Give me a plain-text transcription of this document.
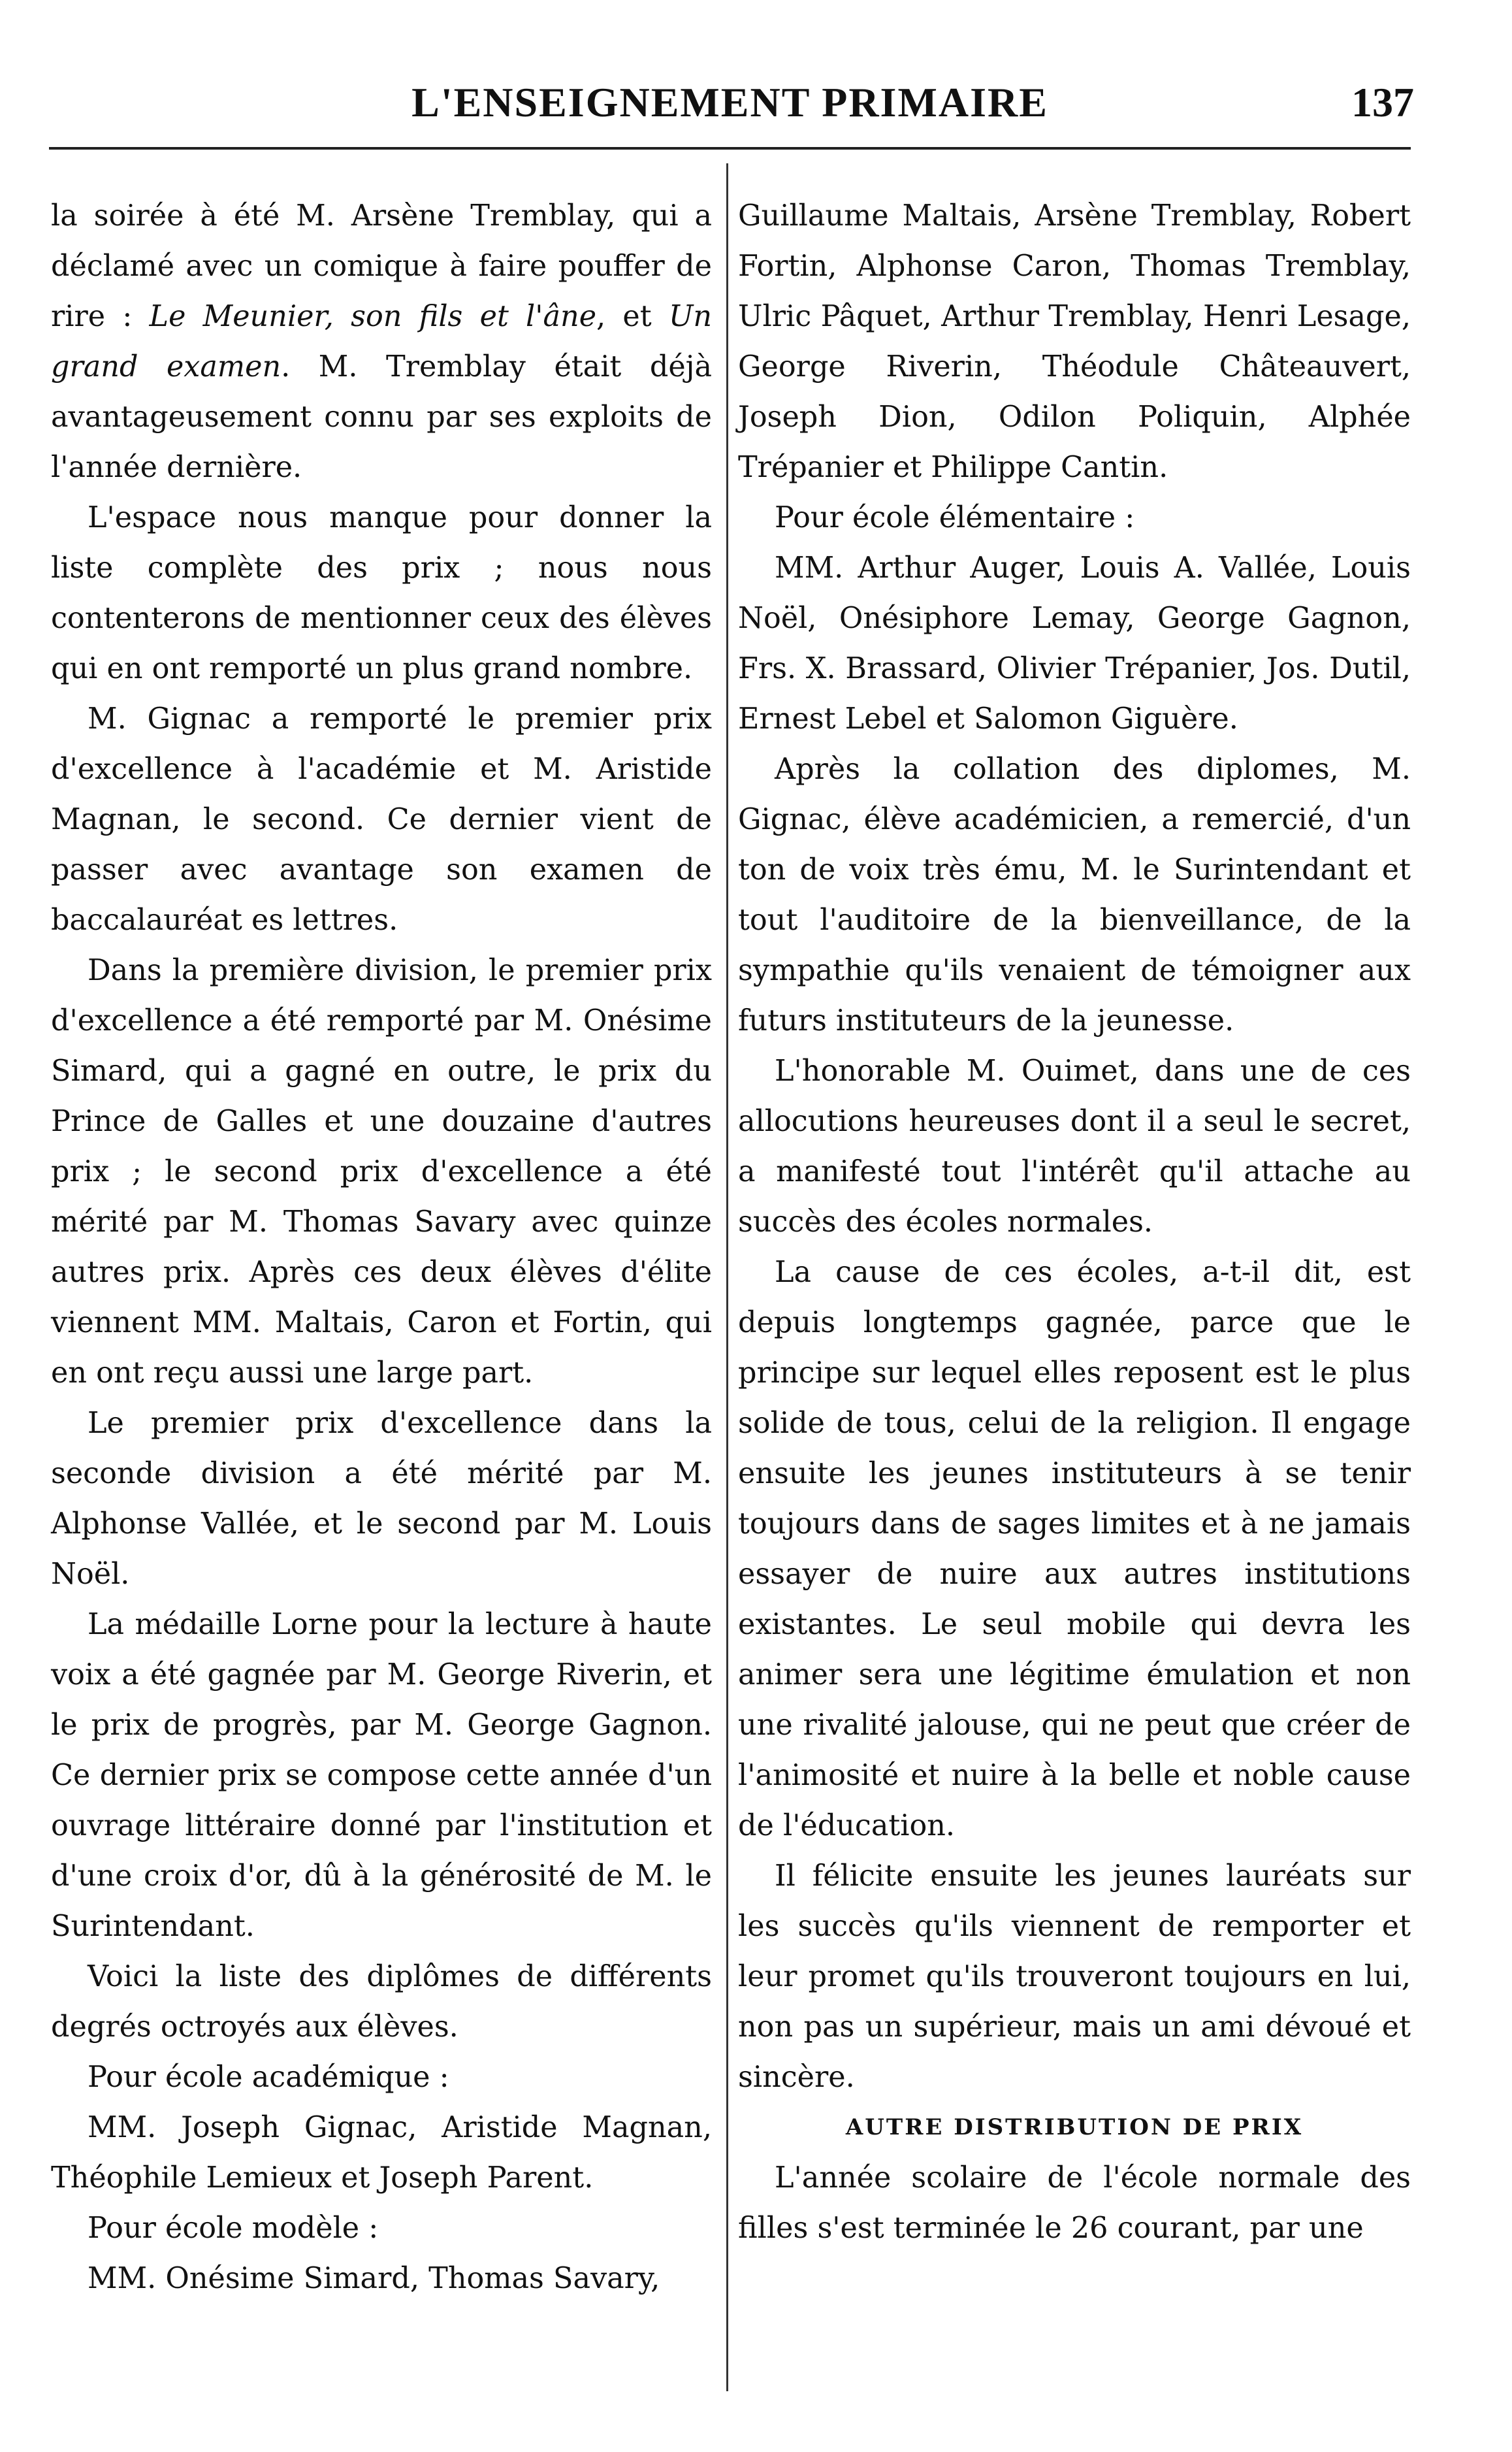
L'ENSEIGNEMENT PRIMAIRE	137

la soirée à été M. Arsène Tremblay, qui a déclamé avec un comique à faire pouffer de rire : Le Meunier, son fils et l'âne, et Un grand examen. M. Tremblay était déjà avantageusement connu par ses exploits de l'année dernière.

L'espace nous manque pour donner la liste complète des prix ; nous nous contenterons de mentionner ceux des élèves qui en ont remporté un plus grand nombre.

M. Gignac a remporté le premier prix d'excellence à l'académie et M. Aristide Magnan, le second. Ce dernier vient de passer avec avantage son examen de baccalauréat es lettres.

Dans la première division, le premier prix d'excellence a été remporté par M. Onésime Simard, qui a gagné en outre, le prix du Prince de Galles et une douzaine d'autres prix ; le second prix d'excellence a été mérité par M. Thomas Savary avec quinze autres prix. Après ces deux élèves d'élite viennent MM. Maltais, Caron et Fortin, qui en ont reçu aussi une large part.

Le premier prix d'excellence dans la seconde division a été mérité par M. Alphonse Vallée, et le second par M. Louis Noël.

La médaille Lorne pour la lecture à haute voix a été gagnée par M. George Riverin, et le prix de progrès, par M. George Gagnon. Ce dernier prix se compose cette année d'un ouvrage littéraire donné par l'institution et d'une croix d'or, dû à la générosité de M. le Surintendant.

Voici la liste des diplômes de différents degrés octroyés aux élèves.

Pour école académique :

MM. Joseph Gignac, Aristide Magnan, Théophile Lemieux et Joseph Parent.

Pour école modèle :

MM. Onésime Simard, Thomas Savary,

Guillaume Maltais, Arsène Tremblay, Robert Fortin, Alphonse Caron, Thomas Tremblay, Ulric Pâquet, Arthur Tremblay, Henri Lesage, George Riverin, Théodule Châteauvert, Joseph Dion, Odilon Poliquin, Alphée Trépanier et Philippe Cantin.

Pour école élémentaire :

MM. Arthur Auger, Louis A. Vallée, Louis Noël, Onésiphore Lemay, George Gagnon, Frs. X. Brassard, Olivier Trépanier, Jos. Dutil, Ernest Lebel et Salomon Giguère.

Après la collation des diplomes, M. Gignac, élève académicien, a remercié, d'un ton de voix très ému, M. le Surintendant et tout l'auditoire de la bienveillance, de la sympathie qu'ils venaient de témoigner aux futurs instituteurs de la jeunesse.

L'honorable M. Ouimet, dans une de ces allocutions heureuses dont il a seul le secret, a manifesté tout l'intérêt qu'il attache au succès des écoles normales.

La cause de ces écoles, a-t-il dit, est depuis longtemps gagnée, parce que le principe sur lequel elles reposent est le plus solide de tous, celui de la religion. Il engage ensuite les jeunes instituteurs à se tenir toujours dans de sages limites et à ne jamais essayer de nuire aux autres institutions existantes. Le seul mobile qui devra les animer sera une légitime émulation et non une rivalité jalouse, qui ne peut que créer de l'animosité et nuire à la belle et noble cause de l'éducation.

Il félicite ensuite les jeunes lauréats sur les succès qu'ils viennent de remporter et leur promet qu'ils trouveront toujours en lui, non pas un supérieur, mais un ami dévoué et sincère.

AUTRE DISTRIBUTION DE PRIX

L'année scolaire de l'école normale des filles s'est terminée le 26 courant, par une
